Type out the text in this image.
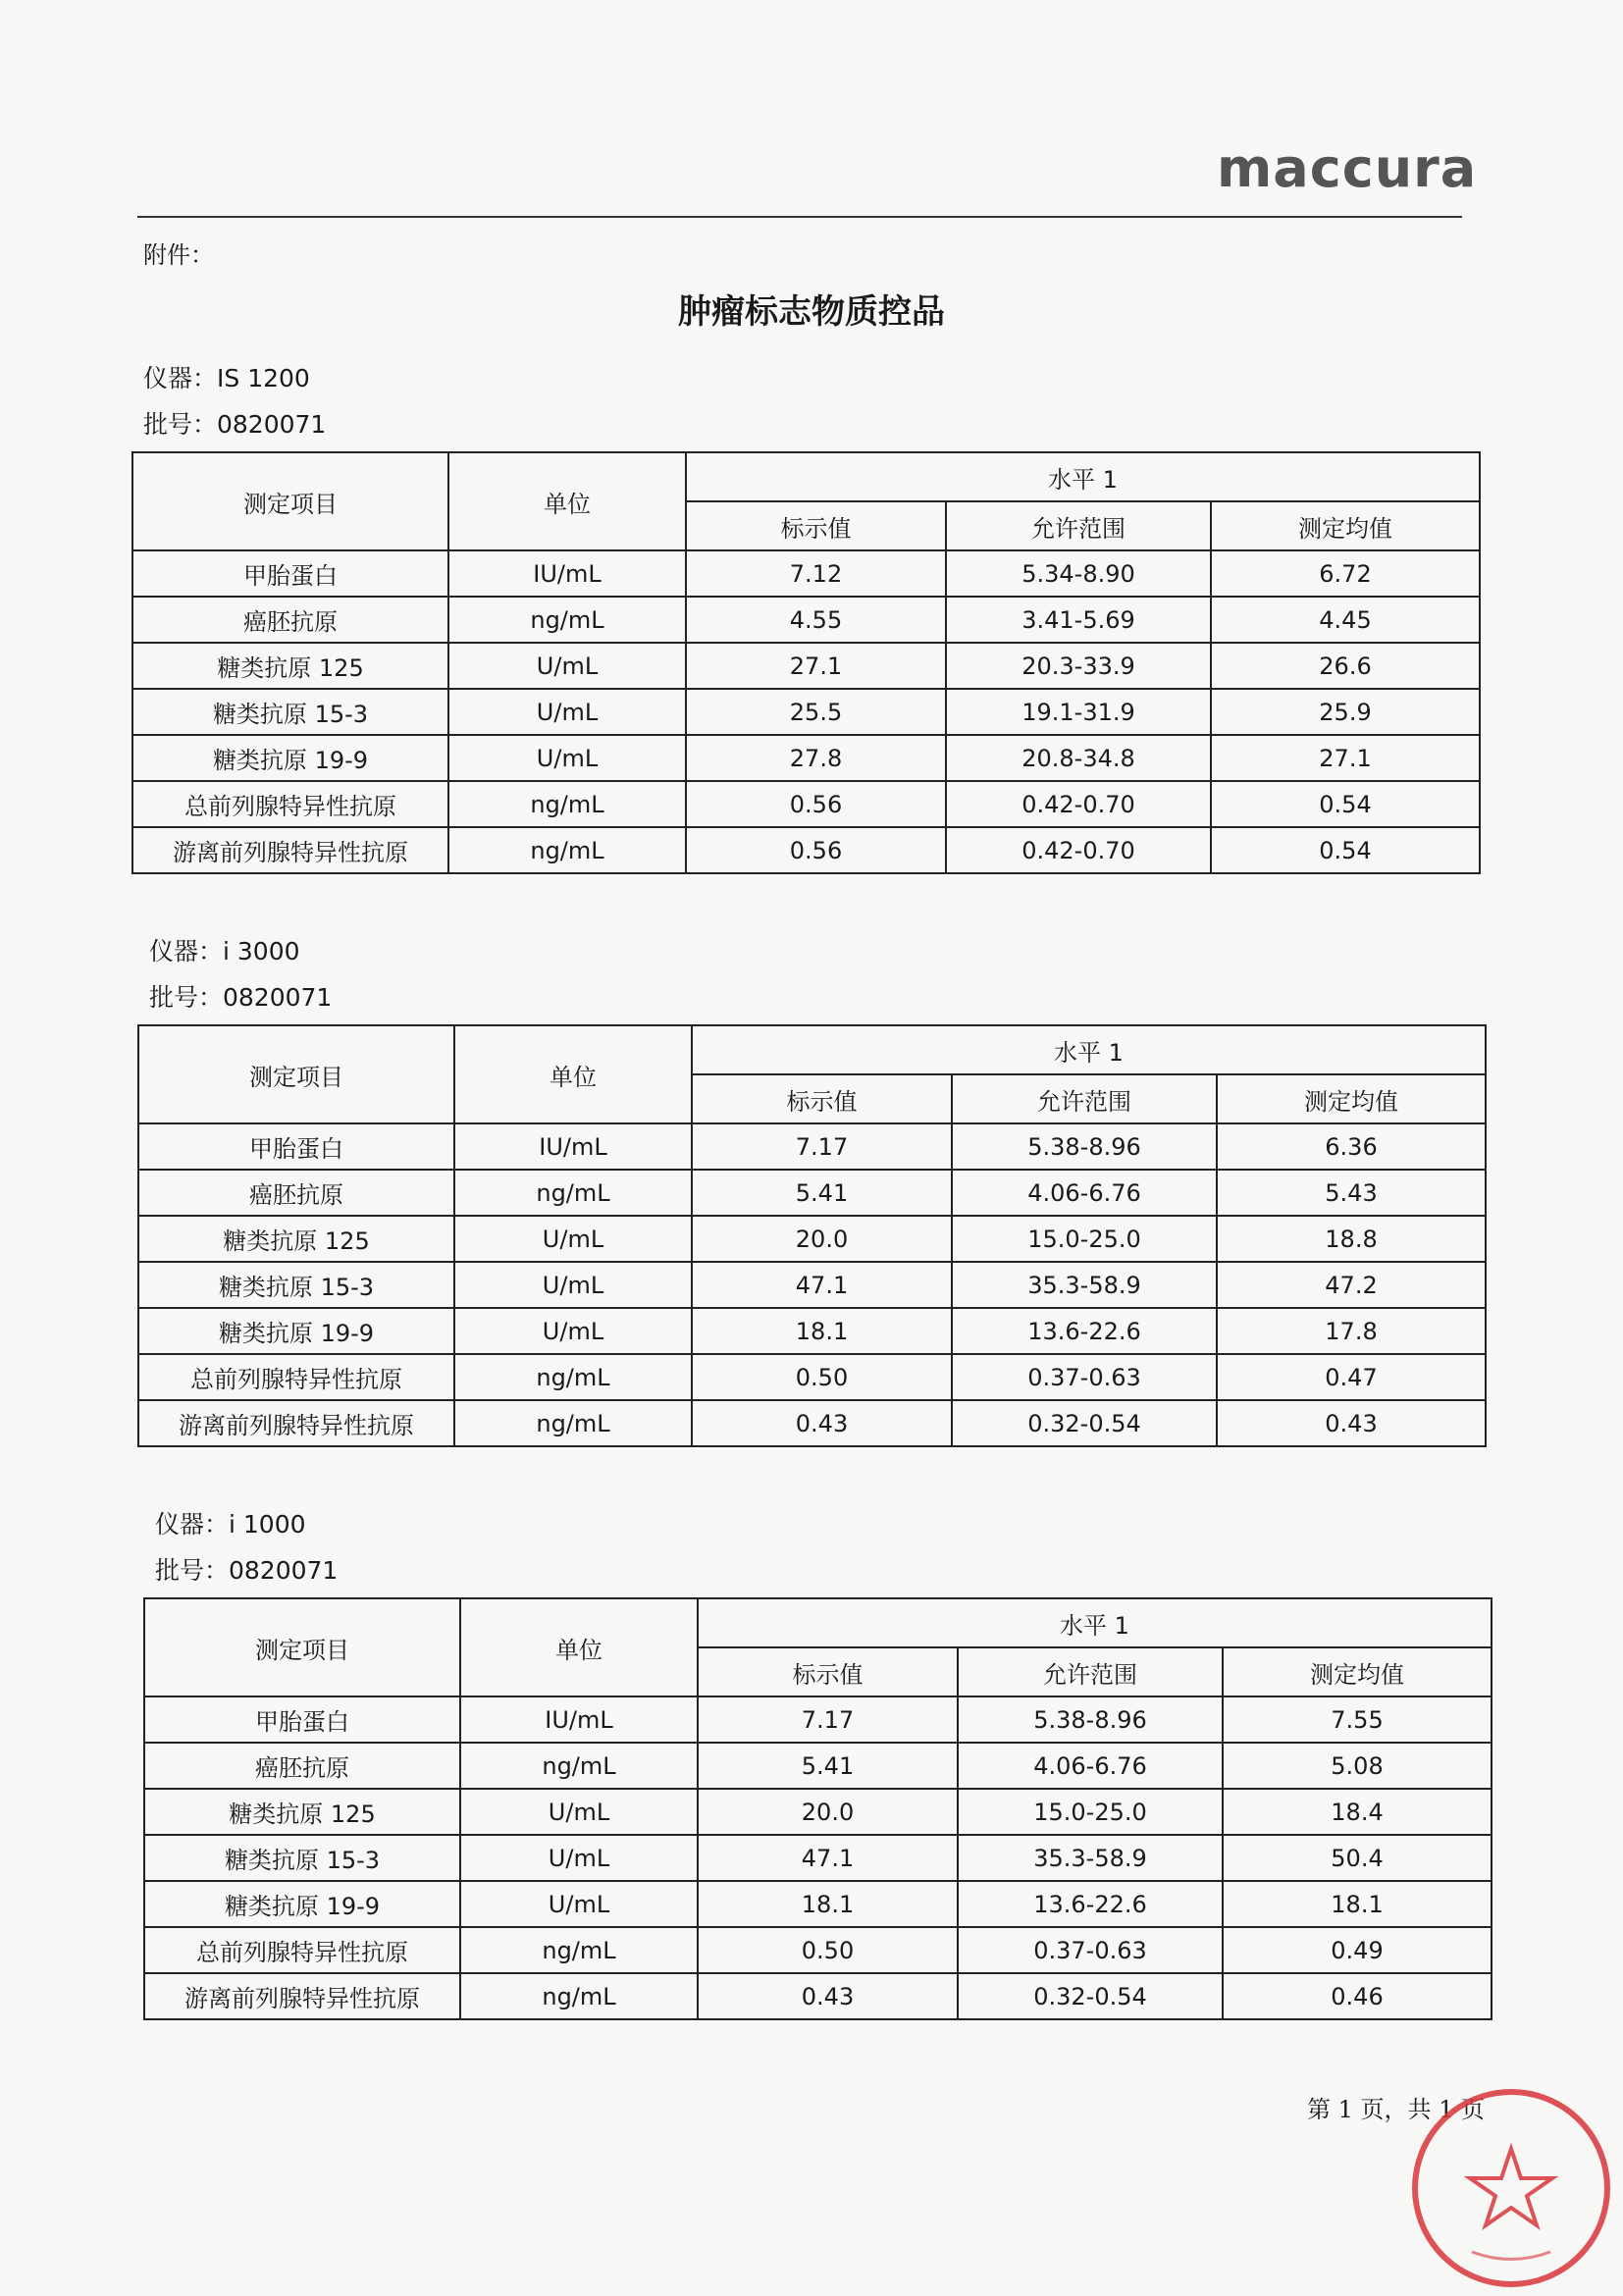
maccura
附件：
肿瘤标志物质控品
仪器：IS 1200
批号：0820071
测定项目	单位	水平 1		
		标示值	允许范围	测定均值
甲胎蛋白	IU/mL	7.12	5.34-8.90	6.72
癌胚抗原	ng/mL	4.55	3.41-5.69	4.45
糖类抗原 125	U/mL	27.1	20.3-33.9	26.6
糖类抗原 15-3	U/mL	25.5	19.1-31.9	25.9
糖类抗原 19-9	U/mL	27.8	20.8-34.8	27.1
总前列腺特异性抗原	ng/mL	0.56	0.42-0.70	0.54
游离前列腺特异性抗原	ng/mL	0.56	0.42-0.70	0.54
仪器：i 3000
批号：0820071
测定项目	单位	水平 1		
		标示值	允许范围	测定均值
甲胎蛋白	IU/mL	7.17	5.38-8.96	6.36
癌胚抗原	ng/mL	5.41	4.06-6.76	5.43
糖类抗原 125	U/mL	20.0	15.0-25.0	18.8
糖类抗原 15-3	U/mL	47.1	35.3-58.9	47.2
糖类抗原 19-9	U/mL	18.1	13.6-22.6	17.8
总前列腺特异性抗原	ng/mL	0.50	0.37-0.63	0.47
游离前列腺特异性抗原	ng/mL	0.43	0.32-0.54	0.43
仪器：i 1000
批号：0820071
测定项目	单位	水平 1		
		标示值	允许范围	测定均值
甲胎蛋白	IU/mL	7.17	5.38-8.96	7.55
癌胚抗原	ng/mL	5.41	4.06-6.76	5.08
糖类抗原 125	U/mL	20.0	15.0-25.0	18.4
糖类抗原 15-3	U/mL	47.1	35.3-58.9	50.4
糖类抗原 19-9	U/mL	18.1	13.6-22.6	18.1
总前列腺特异性抗原	ng/mL	0.50	0.37-0.63	0.49
游离前列腺特异性抗原	ng/mL	0.43	0.32-0.54	0.46
第 1 页，共 1 页
